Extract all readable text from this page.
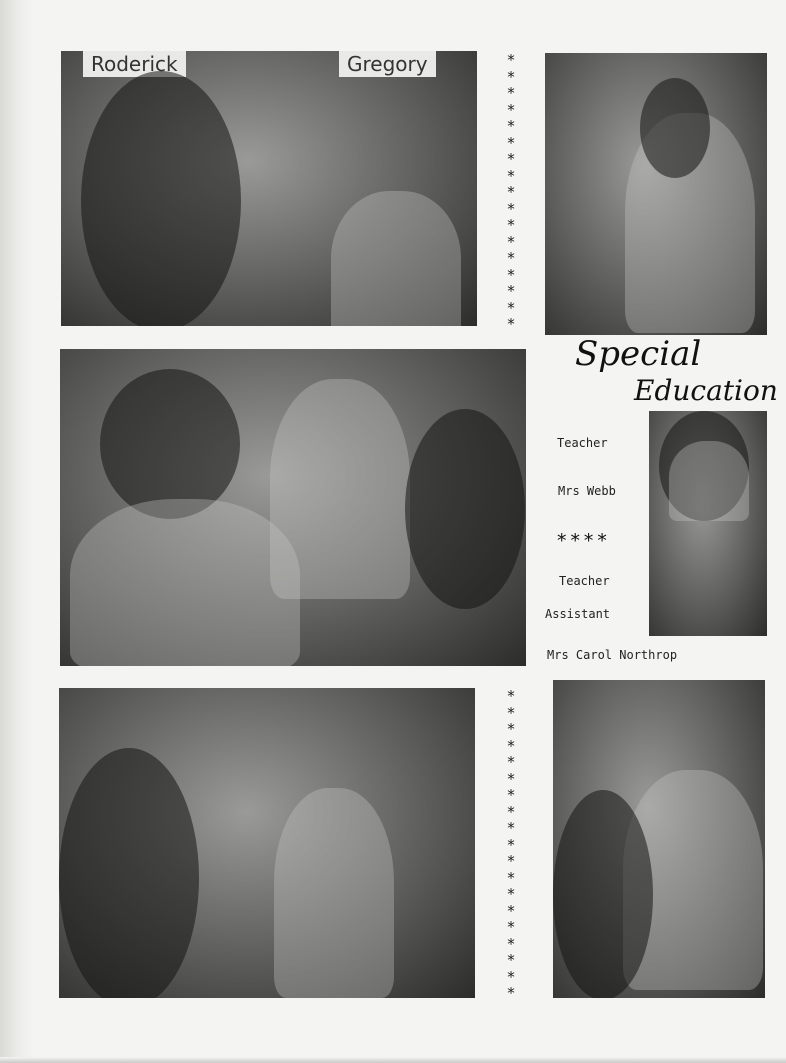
Roderick	Gregory	*
*
*
*
*
*
*
*
*
*
*
*
*
*
*
*
*
*
*
*
*
*
*
*
*
*
*
*
*
*
*
*
*
*
*
*
Special
Education
Teacher
Mrs Webb
****
Teacher
Assistant
Mrs Carol Northrop
